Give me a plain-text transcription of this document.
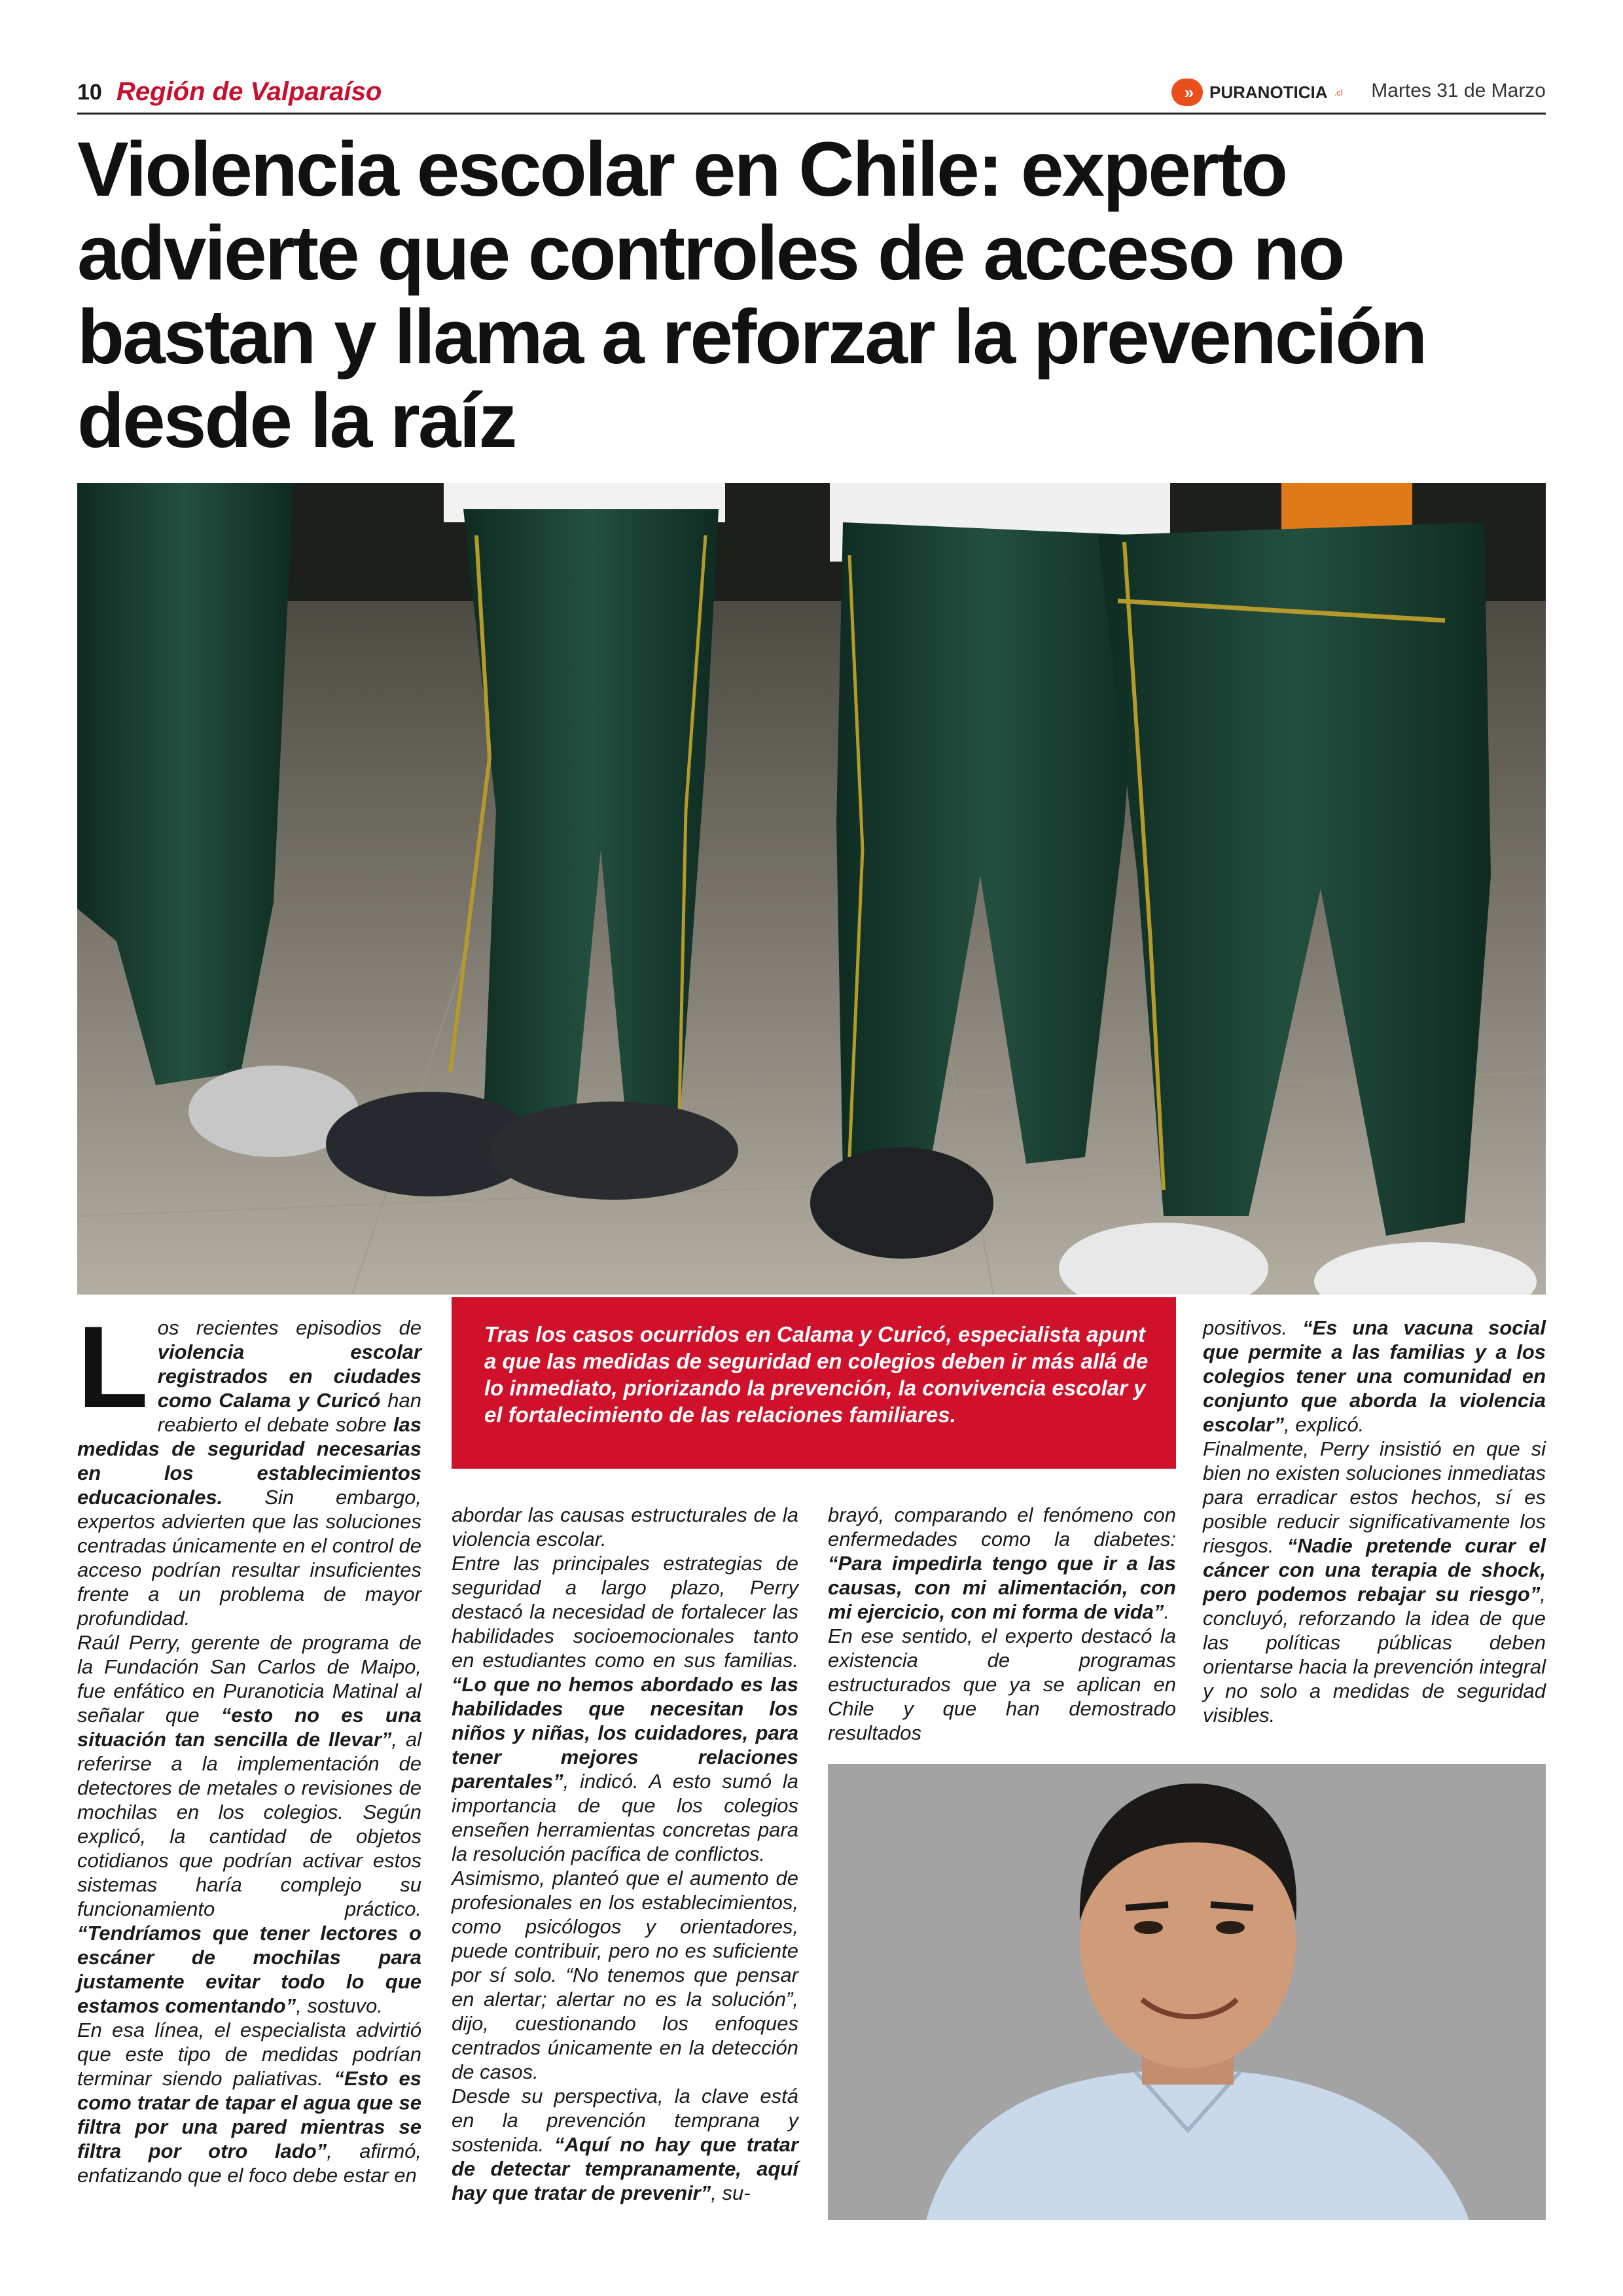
10 Región de Valparaíso	»	PURANOTICIA .cl Martes 31 de Marzo
Violencia escolar en Chile: experto advierte que controles de acceso no bastan y llama a reforzar la prevención desde la raíz

Tras los casos ocurridos en Calama y Curicó, especialista apunt a que las medidas de seguridad en colegios deben ir más allá de lo inmediato, priorizando la prevención, la convivencia escolar y el fortalecimiento de las relaciones familiares.

Los recientes episodios de violencia escolar registrados en ciudades como Calama y Curicó han reabierto el debate sobre las medidas de seguridad necesarias en los establecimientos educacionales. Sin embargo, expertos advierten que las soluciones centradas únicamente en el control de acceso podrían resultar insuficientes frente a un problema de mayor profundidad.

Raúl Perry, gerente de programa de la Fundación San Carlos de Maipo, fue enfático en Puranoticia Matinal al señalar que “esto no es una situación tan sencilla de llevar”, al referirse a la implementación de detectores de metales o revisiones de mochilas en los colegios. Según explicó, la cantidad de objetos cotidianos que podrían activar estos sistemas haría complejo su funcionamiento práctico. “Tendríamos que tener lectores o escáner de mochilas para justamente evitar todo lo que estamos comentando”, sostuvo.

En esa línea, el especialista advirtió que este tipo de medidas podrían terminar siendo paliativas. “Esto es como tratar de tapar el agua que se filtra por una pared mientras se filtra por otro lado”, afirmó, enfatizando que el foco debe estar en

abordar las causas estructurales de la violencia escolar.

Entre las principales estrategias de seguridad a largo plazo, Perry destacó la necesidad de fortalecer las habilidades socioemocionales tanto en estudiantes como en sus familias. “Lo que no hemos abordado es las habilidades que necesitan los niños y niñas, los cuidadores, para tener mejores relaciones parentales”, indicó. A esto sumó la importancia de que los colegios enseñen herramientas concretas para la resolución pacífica de conflictos.

Asimismo, planteó que el aumento de profesionales en los establecimientos, como psicólogos y orientadores, puede contribuir, pero no es suficiente por sí solo. “No tenemos que pensar en alertar; alertar no es la solución”, dijo, cuestionando los enfoques centrados únicamente en la detección de casos.

Desde su perspectiva, la clave está en la prevención temprana y sostenida. “Aquí no hay que tratar de detectar tempranamente, aquí hay que tratar de prevenir”, su-

brayó, comparando el fenómeno con enfermedades como la diabetes: “Para impedirla tengo que ir a las causas, con mi alimentación, con mi ejercicio, con mi forma de vida”.

En ese sentido, el experto destacó la existencia de programas estructurados que ya se aplican en Chile y que han demostrado resultados

positivos. “Es una vacuna social que permite a las familias y a los colegios tener una comunidad en conjunto que aborda la violencia escolar”, explicó.

Finalmente, Perry insistió en que si bien no existen soluciones inmediatas para erradicar estos hechos, sí es posible reducir significativamente los riesgos. “Nadie pretende curar el cáncer con una terapia de shock, pero podemos rebajar su riesgo”, concluyó, reforzando la idea de que las políticas públicas deben orientarse hacia la prevención integral y no solo a medidas de seguridad visibles.
